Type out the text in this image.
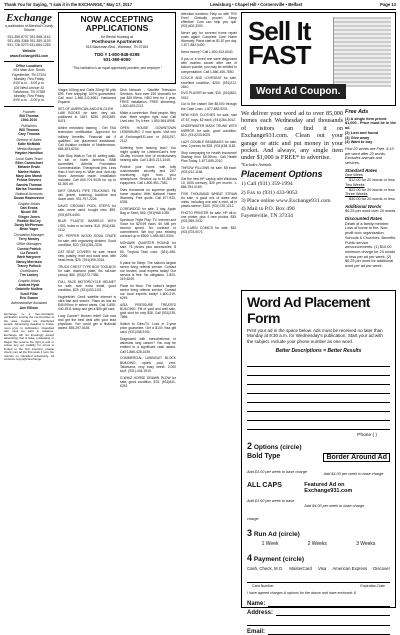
Thank You for Saying, "I saw it in the EXCHANGE," May 17, 2017	Lewisburg • Chapel Hill • Cornersville • Belfast	Page 13
Exchange
a publication of Marshall County Tribune
931-359-8737 931-968-1144
931-455-3366 931-359-1193
931-728-3273 931-684-1283
Website
www.Exchange931.com
Office Locations
604 Main Ave. South
Fayetteville, TN 37334
Monday Thru Friday
8:00 a.m. - 5:00 p.m.
109 West Lincoln St.
Tullahoma, TN 37388
Monday Thru Friday
8:00 a.m. - 5:00 p.m.
Founder
Bill Thomas
1940-2010
Publishers
Will Thomas
Cary Thomas
Director of Sales
Katie McNabb
Media Manager
Hayden Hamilton
Local Sales Team
Ellen Carmichael
Melanie Erwin
Marlee Hobbs
Mary Ann Marsh
Felicia Stevens
Sandra Thomas
Marisa Thornton
National Accounts
Susan Rasmussen
Graphic Artists
Dan Evans
Nicole Gill
Ginger Jones
Robbie McCoy
Dusty McPherson
Brian Yager
Circulation Manager
Terry Mosley
Office Managers
Connie Patrick
Liz Fussell
Barb Hargrove
Nancy Morrison
Tracey Pollock
Contributors
Tim Lackey
Graphic Artists
Andrea Hyde
Gabrielle Mullins
Sunil Pillai
Eric Swann
Administrative Assistant
Ann Ellison
Exchange is a free-circulation publication serving the communities of the area. Copies are distributed weekly. Advertising deadline is Friday noon prior to publication. Classified ads must be paid in advance. Exchange will not knowingly accept advertising that is false, misleading or illegal. We reserve the right to edit or refuse any ad. Liability for errors is limited to the first insertion; please check your ad the first week it runs. No refunds on classified advertising. All contents copyright Exchange.
NOW ACCEPTING APPLICATIONS
for Rental Housing at
Posthouse Apartments
515 Blackman Blvd., Wartrace, TN 37183
TDD # 1-800-848-0298
931-389-9000
"This institution is an equal opportunity provider, and employer."

Viagra 100mg and Cialis 20mg! 50 pills $99. Free shipping! 100% guaranteed. Call now! 1-866-312-6061. Hablamos Espanol.

SET-OF-AMERICAN-AND-EN-GLISH LAW BOOKS for sale; very old, published in 1847. $250. (931)389-6474.

Airline mechanic training - Get FAA technician certification. Approved for military benefits. Financial aid if qualified. Job placement assistance. Call Aviation Institute of Maintenance, 866-453-6204.

Sale Stop Walk-In Tub #1 selling walk-in tub in North America. BBB accredited. Arthritis Foundation Commendation. Therapeutic jets. Less than 4 inch step-in. Wide door. Anti-slip floors. American made. Installation included. Call 800-701-9036 for up to $1,500 off.

DIRT GRAVEL PIPE TRUCKING: Fill dirt, gravel, bushhog, backhoe and dozer work. 931-797-2226.

DAVIS GROUND POOL STEPS for sale, never used, bought new, $95. (931)675-4450.

BLUE PLASTIC BARRELS WITH LIDS, holes or no holes, $15. (931)438-1112.

DR. PEPPER WOOD SODA CRATE for sale, with organizing dividers. Good condition, $20. (931)381-0226.

CAT SEAT COVERS for sale, brand new, paisley, front and back seat, with head rests, $25. (931)359-3316.

TRUCK CHEST TYPE BOX TOOLBOX for sale, diamond plate, fits full-size pickup, $60. (931)273-7456.

FULL FACE MOTORCYCLE HELMET for sale, size extra small, good condition, $25. (931)433-1101.

HughesNet: Gen4 satellite internet is ultra fast and secure. Plans as low as $49.99/mo in select areas. Call 1-855-440-4911 today and get a $50 gift card.

Lung Cancer? Broken relief! Call now and get the best deal with your lead physician. You could get a financial award. 855-297-5165.

Dish Network - Satellite Television Services. Now over 190 channels for just $49.99/mo. HBO free for 1 year. FREE installation, FREE streaming. 1-800-405-2113.

Make a connection. Real people, flirty chat. Meet singles right now! Call LiveLinks. Try it free. 1-800-964-8998.

OPEN HOUSE DOWNTOWN LEWISBURG: 2 new spots. Visit info at Exchange931.com or (931)297-2112.

Suffering from hearing loss? You might qualify for LifetimeCare's free 45-day in-home trial of revolutionary hearing aids. Call 1-800-213-1045.

Protect your home with fully customizable security and 24/7 monitoring right from your smartphone. Receive up to $1,500 in equipment. Call 1-800-961-7382.

Over thousands on supreme quality home repairs! With National Home Warranty. Free quote. Call 877-933-6335.

CORDWOOD for sale, 3 day, Apple Bag or Seed, $60. (931)968-1055.

Spectrum Triple Play: TV, Internet and Voice for $29.99 each. 60 MB per second speed. No contract or commitment. We buy your existing contract up to $500! 1-855-652-9304.

MOHAWK QUARTER ROUND for sale, 76 pieces plus accessories, $ 80. Tropical Teak color. (931)-486-2260.

5 place for Sleep. The nation's largest senior living referral service. Contact our trusted, local experts today! Our service is free. No obligation. 1-800-319-6249.

Place for Mom. The nation's largest senior living referral service. Contact our local experts today! 1-800-319-6249.

ASIA PRESSURE TREATED BUILDING. Fill of yard and wall sale, gold shot for only $38. Call (931)235-7866.

Switch to DirecTV. Lock in 2-year price guarantee. Get a $100 Visa gift card. (931)438-9191.

Diagnosed with mesothelioma or asbestos lung cancer? You may be entitled to a significant cash award. Call 1-866-428-1639.

COMMERCIAL LAWNSUIT BLOCK BUILDING, sports pool, rent. Tallahoma, very busy street. 2,000 sq.ft. (931)-434-1919.

G-WHIZ HORSE DRAWN PLOW for sale, good condition, $75. (931)841-6252.

Attention smokers: Help us with TRX Free! Clinically proven. Sleep effective! Cost can help you quit. (931)400-3300.

Never pay for covered home repair costs again! Complete Care Home Warranty. Plans start at $1.87 per day. 1-877-882-5400.

Need money? Call 1-800-513-8040.

If you or a loved one were diagnosed with ovarian cancer after use of talcum powder, you may be entitled to compensation. Call 1-866-455-7850.

COUCH AND LOVESEAT for sale, excellent condition, $250. (931)212-2810.

DVD PLAYER for sale, $15. (931)863-0012.

Cut to the chase! Get $5,000 through the Cash Loan. 1-877-882-9201.

NEW KIDS CLOTHES for sale, size 4T-5T, boys, $2 each. (931)364-5012.

UNDERWATER MASK TRUNK WITH MIRROR for sale, good condition, $10. (931)233-6025.

LAZY DOUBLE BEANBAGS for sale, new, 2 pieces for $25. (931)438-1182.

Stop overpaying for health insurance! Starting from $5.99/mo. Call Health Plan Today. 1-877-895-2010.

THROW PILLOWS for sale, $5 each. (931)212-1166.

Get the new HP Laptop with Windows 10, 8GB memory, $25 per month. 1-866-784-0189.

FIVE THOUSAND WHEAT STRAW for sale, a good mix of dates and mints, including one and a mint, all in plastic sleeve, $100. (931)728-1212.

PHOTO PRINTER for sale, HP all-in-one printer, plus 4 new photos, $35. (931)359-2032.

10 X-MEN COMICS for sale, $30. (931)703-9071.

Sell It
FAST
Word Ad Coupon.
We deliver your word ad to over 85,000 homes each Wednesday and thousands of visitors can find it on Exchange931.com. Clean out your garage or attic and put money in your pocket. And always, any single item under $1,000 is FREE* to advertise.
*Excludes Animals
Placement Options
1) Call (931) 359-1994
2) Fax to (931) 433-9053
3) Place online www.Exchange931.com
4) Mail to P.O. Box 490
Fayetteville, TN 37334
Free Ads
(1) A single item priced $1,000 - Price must be in the ad.
(2) Lost and found
(3) Give away
(4) Want to buy
First 20 words are Free. $.10 per word after 20 words. Excludes animals and services.
Standard Rates
One Week
$12.00 for 20 words or less
Two Weeks
$22.00 for 20 words or less
Three Weeks
$30.00 for 20 words or less
Additional Words
$0.25 per word over 20 words.
Discounted Rates
Death of a family member. Loss of home to fire. Non-profit civic organization. Schools & Churches. Benefits. Public service announcements. (1) $10.00 minimum charge for 20 words or less per ad per week. (2) $0.25 per word for additional word per ad per week.
Word Ad Placement Form
Print your ad in the space below. Ads must be received no later than Monday at 9:30 a.m. for Wednesday's publication. Start your ad with the subject. Include your phone number as one word.
Better Descriptions = Better Results
Phone ( )
2 Options (circle)
Bold Type
Add $3.00 per week to base charge
Border Around Ad
Add $4.00 per week to base charge
ALL CAPS
Add $3.00 per week to base charge
Featured Ad on Exchange931.com
Add $4.00 per week to base charge
3 Run Ad (circle)
1 Week	2 Weeks	3 Weeks
4 Payment (circle)
Cash, Check, M.O. MasterCard Visa American Express Discover
Card Number	Expiration Date
I have agreed charges & options for the above and have enclosed: $
Name:
Address:
Email:
